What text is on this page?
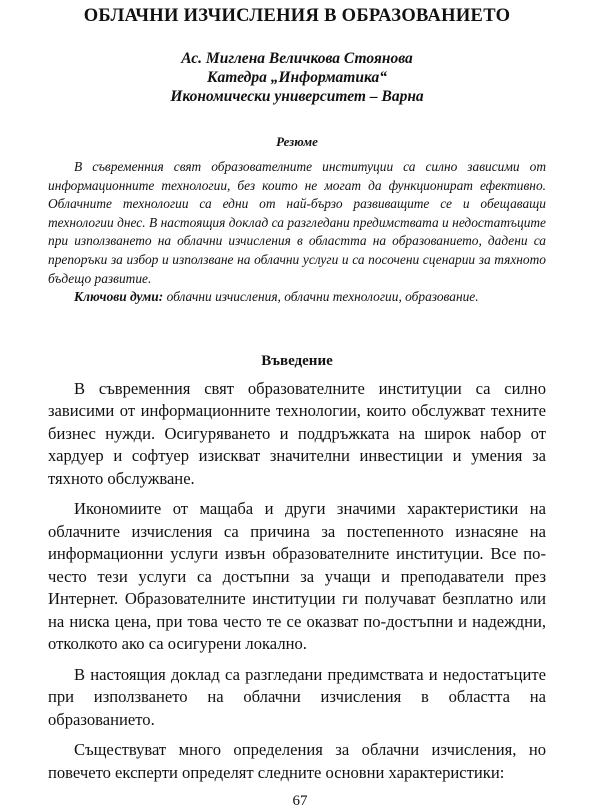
ОБЛАЧНИ ИЗЧИСЛЕНИЯ В ОБРАЗОВАНИЕТО
Ас. Миглена Величкова Стоянова
Катедра „Информатика“
Икономически университет – Варна
Резюме

В съвременния свят образователните институции са силно зависими от информационните технологии, без които не могат да функционират ефективно. Облачните технологии са едни от най-бързо развиващите се и обещаващи технологии днес. В настоящия доклад са разгледани предимствата и недостатъците при използването на облачни изчисления в областта на образованието, дадени са препоръки за избор и използване на облачни услуги и са посочени сценарии за тяхното бъдещо развитие.

Ключови думи: облачни изчисления, облачни технологии, образование.

Въведение

В съвременния свят образователните институции са силно зависими от информационните технологии, които обслужват техните бизнес нужди. Осигуряването и поддръжката на широк набор от хардуер и софтуер изискват значителни инвестиции и умения за тяхното обслужване.

Икономиите от мащаба и други значими характеристики на облачните изчисления са причина за постепенното изнасяне на информационни услуги извън образователните институции. Все по-често тези услуги са достъпни за учащи и преподаватели през Интернет. Образователните институции ги получават безплатно или на ниска цена, при това често те се оказват по-достъпни и надеждни, отколкото ако са осигурени локално.

В настоящия доклад са разгледани предимствата и недостатъците при използването на облачни изчисления в областта на образованието.

Съществуват много определения за облачни изчисления, но повечето експерти определят следните основни характеристики:

67
